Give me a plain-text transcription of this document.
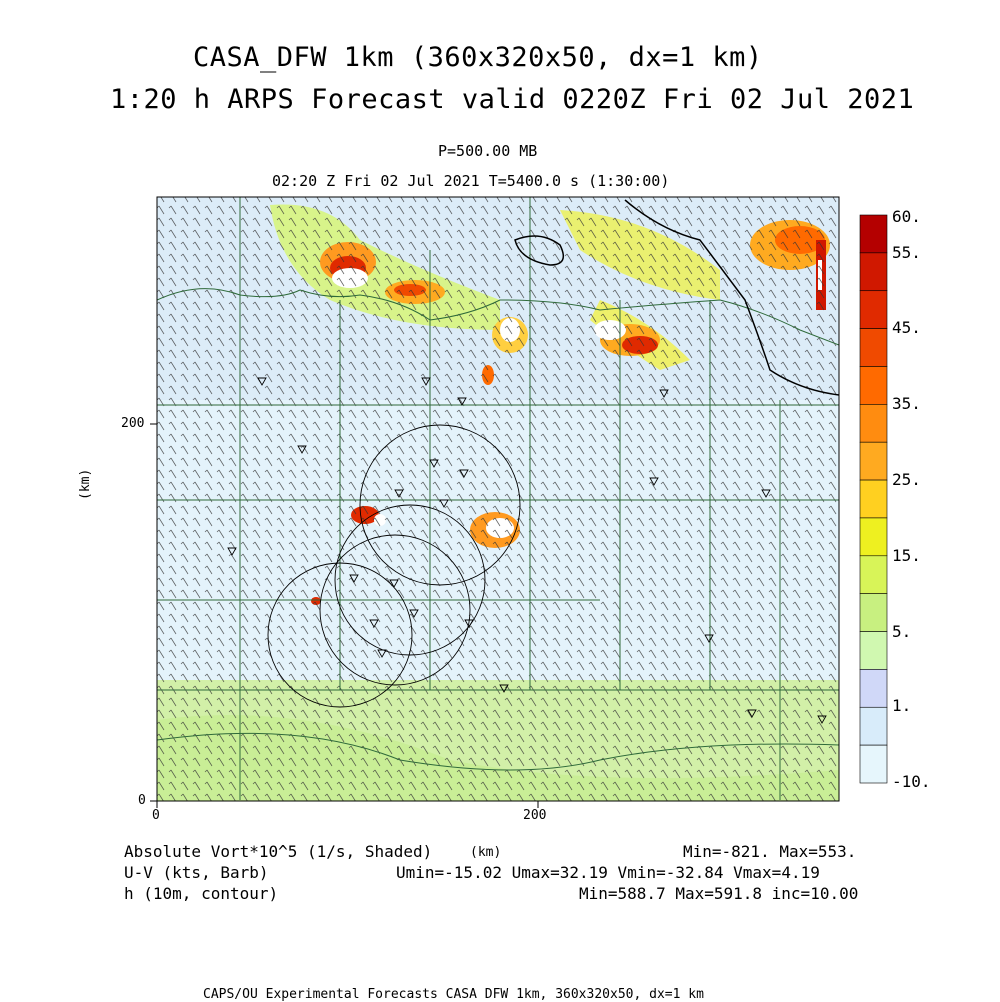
CASA_DFW 1km (360x320x50, dx=1 km)
1:20 h ARPS Forecast valid 0220Z Fri 02 Jul 2021
P=500.00 MB
02:20 Z Fri 02 Jul 2021 T=5400.0 s (1:30:00)
200
0
0	200
(km)
60.
55.
45.
35.
25.
15.
5.
1.
-10.
Absolute Vort*10^5 (1/s, Shaded)	Min=-821. Max=553.
(km)
U-V (kts, Barb)	Umin=-15.02 Umax=32.19 Vmin=-32.84 Vmax=4.19
h (10m, contour)	Min=588.7 Max=591.8 inc=10.00
CAPS/OU Experimental Forecasts CASA DFW 1km, 360x320x50, dx=1 km
